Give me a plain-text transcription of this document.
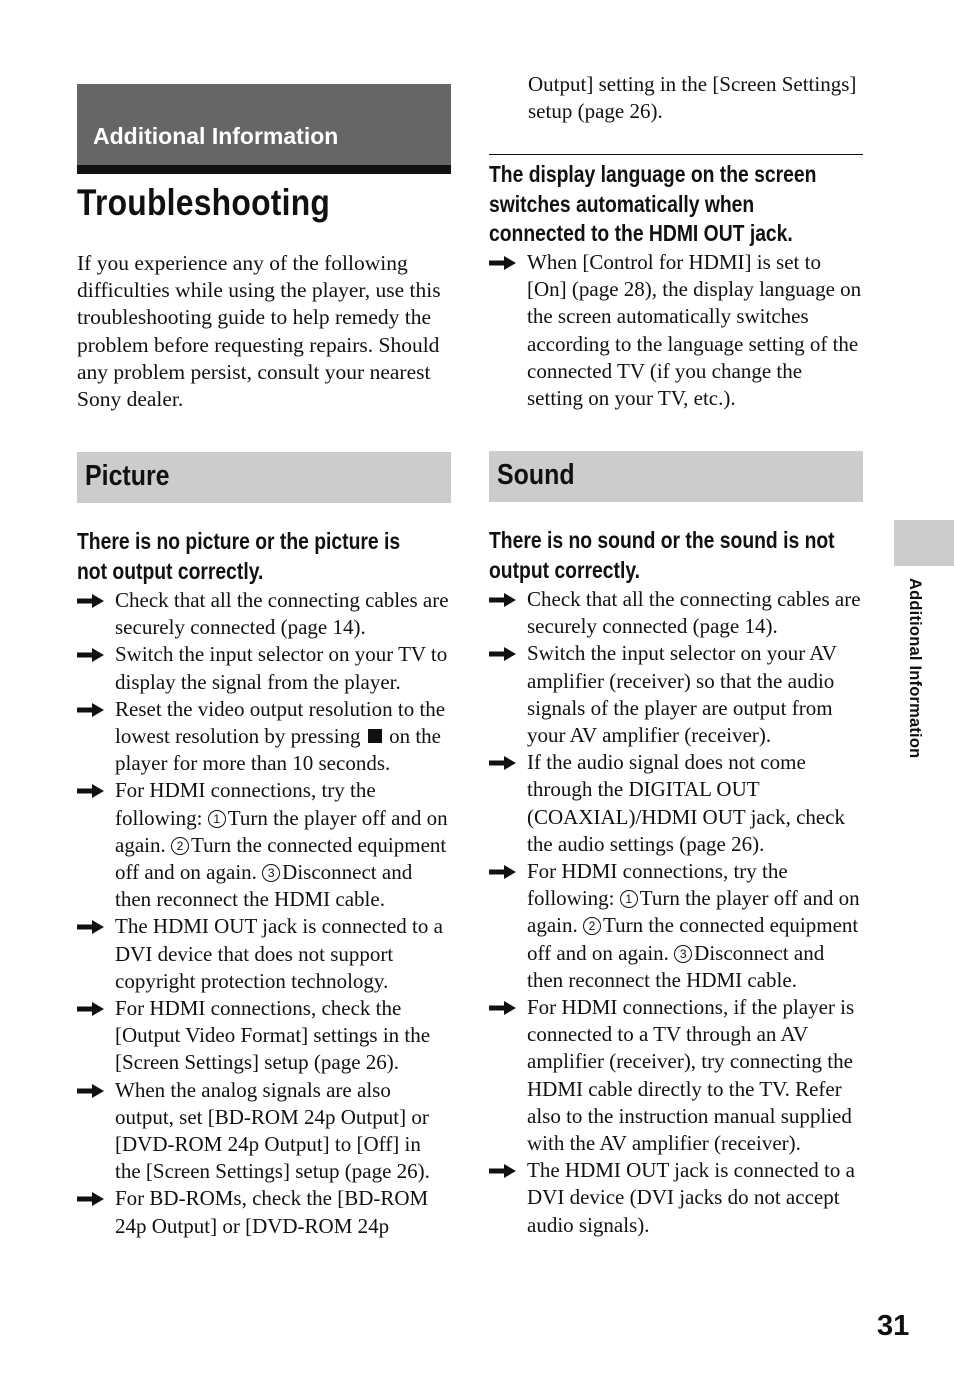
Additional Information
Troubleshooting
If you experience any of the following difficulties while using the player, use this troubleshooting guide to help remedy the problem before requesting repairs. Should any problem persist, consult your nearest Sony dealer.
Picture
There is no picture or the picture is
not output correctly.
Check that all the connecting cables are securely connected (page 14).
Switch the input selector on your TV to display the signal from the player.
Reset the video output resolution to the lowest resolution by pressing  on the player for more than 10 seconds.
For HDMI connections, try the following: 1 Turn the player off and on again. 2 Turn the connected equipment off and on again. 3 Disconnect and then reconnect the HDMI cable.
The HDMI OUT jack is connected to a DVI device that does not support copyright protection technology.
For HDMI connections, check the [Output Video Format] settings in the [Screen Settings] setup (page 26).
When the analog signals are also output, set [BD-ROM 24p Output] or [DVD-ROM 24p Output] to [Off] in the [Screen Settings] setup (page 26).
For BD-ROMs, check the [BD-ROM 24p Output] or [DVD-ROM 24p
Output] setting in the [Screen Settings] setup (page 26).
The display language on the screen
switches automatically when
connected to the HDMI OUT jack.
When [Control for HDMI] is set to [On] (page 28), the display language on the screen automatically switches according to the language setting of the connected TV (if you change the setting on your TV, etc.).
Sound
There is no sound or the sound is not
output correctly.
Check that all the connecting cables are securely connected (page 14).
Switch the input selector on your AV amplifier (receiver) so that the audio signals of the player are output from your AV amplifier (receiver).
If the audio signal does not come through the DIGITAL OUT (COAXIAL)/HDMI OUT jack, check the audio settings (page 26).
For HDMI connections, try the following: 1 Turn the player off and on again. 2 Turn the connected equipment off and on again. 3 Disconnect and then reconnect the HDMI cable.
For HDMI connections, if the player is connected to a TV through an AV amplifier (receiver), try connecting the HDMI cable directly to the TV. Refer also to the instruction manual supplied with the AV amplifier (receiver).
The HDMI OUT jack is connected to a DVI device (DVI jacks do not accept audio signals).
Additional Information
31
